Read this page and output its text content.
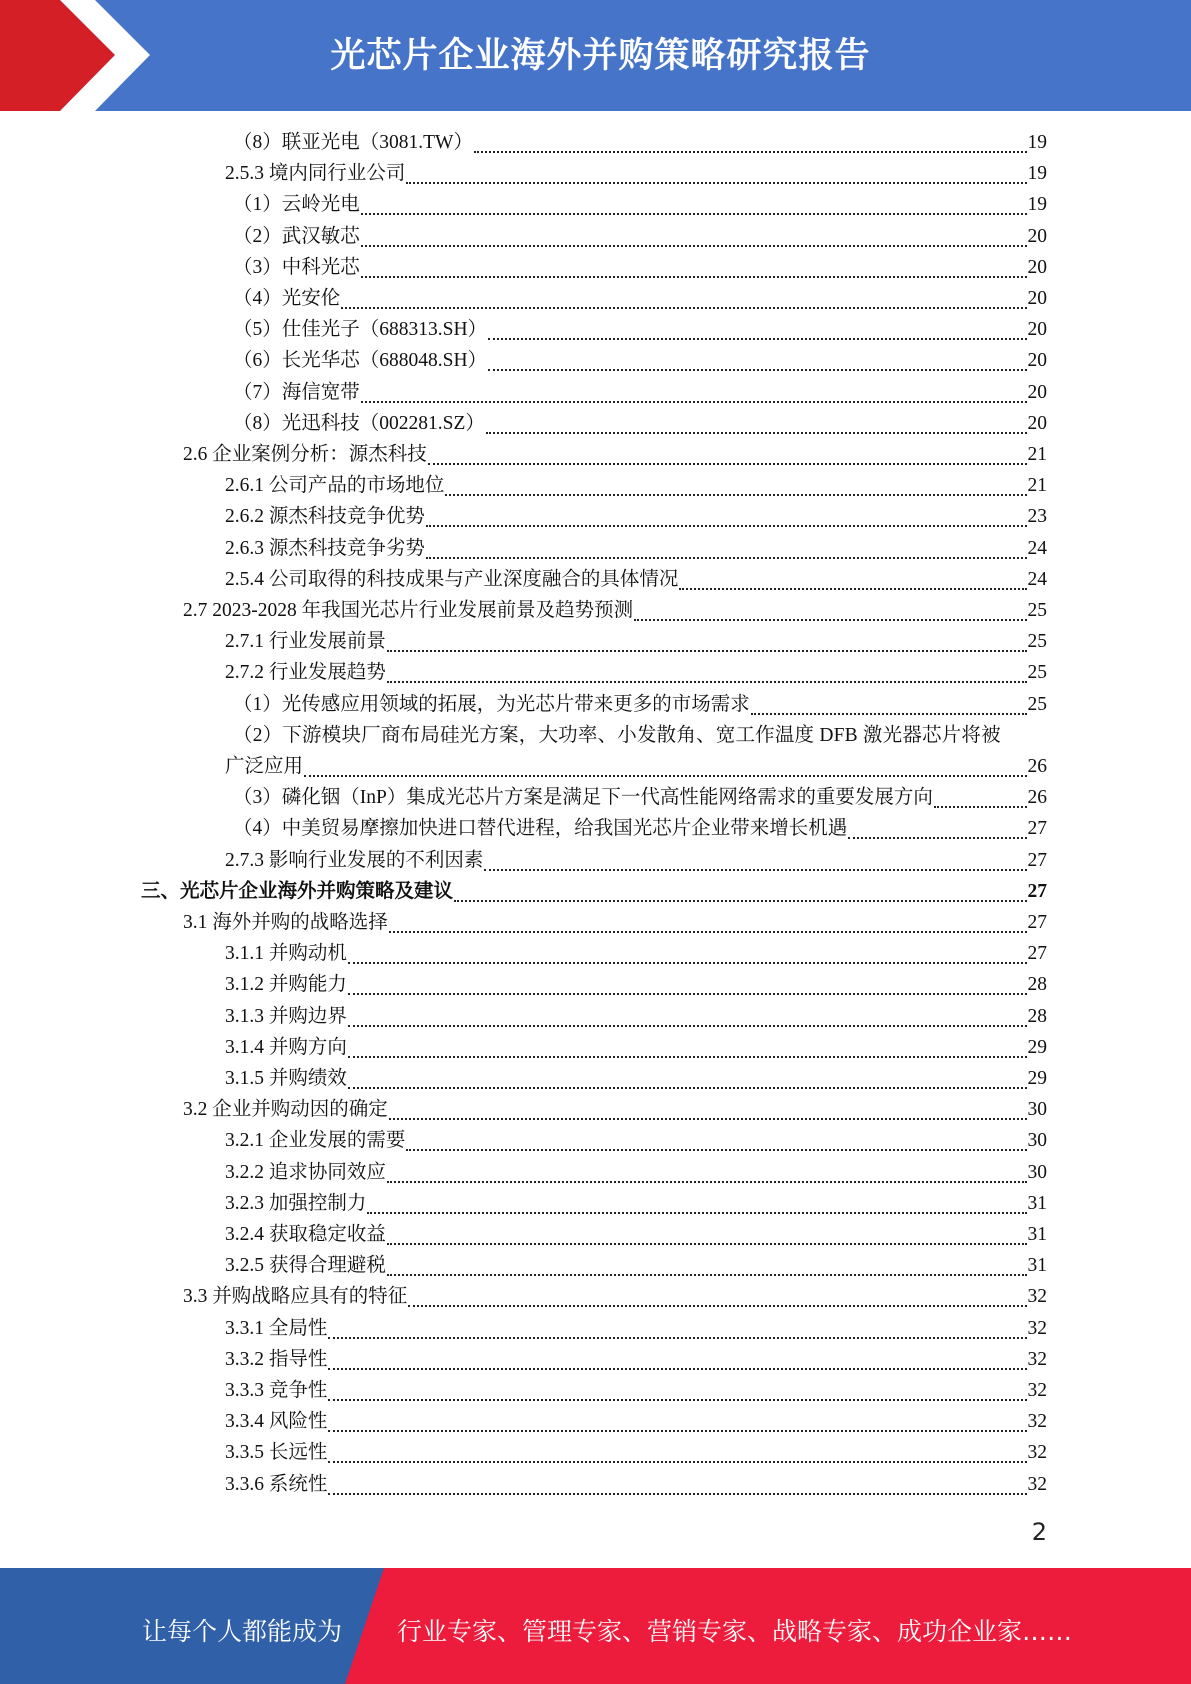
光芯片企业海外并购策略研究报告
（8）联亚光电（3081.TW）	19
2.5.3 境内同行业公司	19
（1）云岭光电	19
（2）武汉敏芯	20
（3）中科光芯	20
（4）光安伦	20
（5）仕佳光子（688313.SH）	20
（6）长光华芯（688048.SH）	20
（7）海信宽带	20
（8）光迅科技（002281.SZ）	20
2.6 企业案例分析：源杰科技	21
2.6.1 公司产品的市场地位	21
2.6.2 源杰科技竞争优势	23
2.6.3 源杰科技竞争劣势	24
2.5.4 公司取得的科技成果与产业深度融合的具体情况	24
2.7 2023-2028 年我国光芯片行业发展前景及趋势预测	25
2.7.1 行业发展前景	25
2.7.2 行业发展趋势	25
（1）光传感应用领域的拓展，为光芯片带来更多的市场需求	25
（2）下游模块厂商布局硅光方案，大功率、小发散角、宽工作温度 DFB 激光器芯片将被
广泛应用	26
（3）磷化铟（InP）集成光芯片方案是满足下一代高性能网络需求的重要发展方向	26
（4）中美贸易摩擦加快进口替代进程，给我国光芯片企业带来增长机遇	27
2.7.3 影响行业发展的不利因素	27
三、光芯片企业海外并购策略及建议	27
3.1 海外并购的战略选择	27
3.1.1 并购动机	27
3.1.2 并购能力	28
3.1.3 并购边界	28
3.1.4 并购方向	29
3.1.5 并购绩效	29
3.2 企业并购动因的确定	30
3.2.1 企业发展的需要	30
3.2.2 追求协同效应	30
3.2.3 加强控制力	31
3.2.4 获取稳定收益	31
3.2.5 获得合理避税	31
3.3 并购战略应具有的特征	32
3.3.1 全局性	32
3.3.2 指导性	32
3.3.3 竞争性	32
3.3.4 风险性	32
3.3.5 长远性	32
3.3.6 系统性	32
2
让每个人都能成为 行业专家、管理专家、营销专家、战略专家、成功企业家……
